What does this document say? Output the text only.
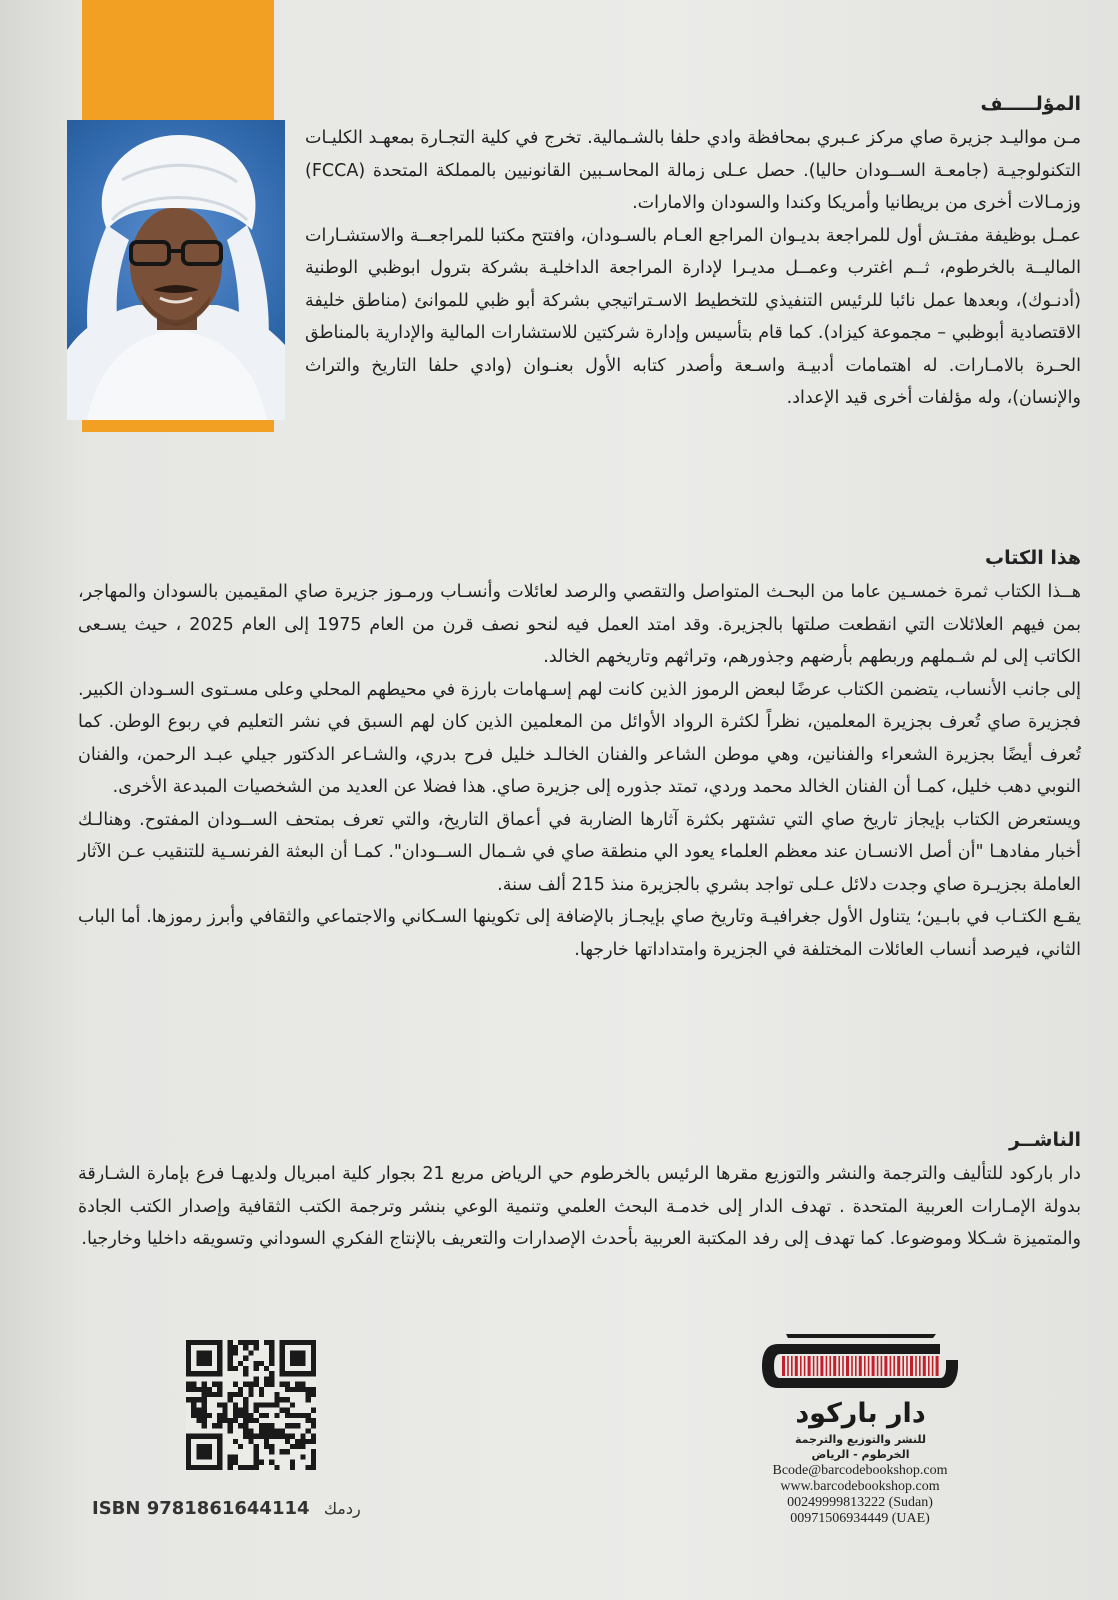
المؤلـــــف

مـن مواليـد جزيرة صاي مركز عـبري بمحافظة وادي حلفا بالشـمالية. تخرج في كلية التجـارة بمعهـد الكليـات التكنولوجيـة (جامعـة الســودان حاليا). حصل عـلى زمالة المحاسـبين القانونيين بالمملكة المتحدة (FCCA) وزمـالات أخرى من بريطانيا وأمريكا وكندا والسودان والامارات.

عمـل بوظيفة مفتـش أول للمراجعة بديـوان المراجع العـام بالسـودان، وافتتح مكتبا للمراجعــة والاستشـارات الماليــة بالخرطوم، ثــم اغترب وعمــل مديـرا لإدارة المراجعة الداخليـة بشركة بترول ابوظبي الوطنية (أدنـوك)، وبعدها عمل نائبا للرئيس التنفيذي للتخطيط الاسـتراتيجي بشركة أبو ظبي للموانئ (مناطق خليفة الاقتصادية أبوظبي – مجموعة كيزاد). كما قام بتأسيس وإدارة شركتين للاستشارات المالية والإدارية بالمناطق الحـرة بالامـارات. له اهتمامات أدبيـة واسـعة وأصدر كتابه الأول بعنـوان (وادي حلفا التاريخ والتراث والإنسان)، وله مؤلفات أخرى قيد الإعداد.

هذا الكتاب

هــذا الكتاب ثمرة خمسـين عاما من البحـث المتواصل والتقصي والرصد لعائلات وأنسـاب ورمـوز جزيرة صاي المقيمين بالسودان والمهاجر، بمن فيهم العلائلات التي انقطعت صلتها بالجزيرة. وقد امتد العمل فيه لنحو نصف قرن من العام 1975 إلى العام 2025 ، حيث يسـعى الكاتب إلى لم شـملهم وربطهم بأرضهم وجذورهم، وتراثهم وتاريخهم الخالد.

إلى جانب الأنساب، يتضمن الكتاب عرضًا لبعض الرموز الذين كانت لهم إسـهامات بارزة في محيطهم المحلي وعلى مسـتوى السـودان الكبير. فجزيرة صاي تُعرف بجزيرة المعلمين، نظراً لكثرة الرواد الأوائل من المعلمين الذين كان لهم السبق في نشر التعليم في ربوع الوطن. كما تُعرف أيضًا بجزيرة الشعراء والفنانين، وهي موطن الشاعر والفنان الخالـد خليل فرح بدري، والشـاعر الدكتور جيلي عبـد الرحمن، والفنان النوبي دهب خليل، كمـا أن الفنان الخالد محمد وردي، تمتد جذوره إلى جزيرة صاي. هذا فضلا عن العديد من الشخصيات المبدعة الأخرى.

ويستعرض الكتاب بإيجاز تاريخ صاي التي تشتهر بكثرة آثارها الضاربة في أعماق التاريخ، والتي تعرف بمتحف الســودان المفتوح. وهنالـك أخبار مفادهـا "أن أصل الانسـان عند معظم العلماء يعود الي منطقة صاي في شـمال الســودان". كمـا أن البعثة الفرنسـية للتنقيب عـن الآثار العاملة بجزيـرة صاي وجدت دلائل عـلى تواجد بشري بالجزيرة منذ 215 ألف سنة.

يقـع الكتـاب في بابـين؛ يتناول الأول جغرافيـة وتاريخ صاي بإيجـاز بالإضافة إلى تكوينها السـكاني والاجتماعي والثقافي وأبرز رموزها. أما الباب الثاني، فيرصد أنساب العائلات المختلفة في الجزيرة وامتداداتها خارجها.

الناشــر

دار باركود للتأليف والترجمة والنشر والتوزيع مقرها الرئيس بالخرطوم حي الرياض مربع 21 بجوار كلية امبريال ولديهـا فرع بإمارة الشـارقة بدولة الإمـارات العربية المتحدة . تهدف الدار إلى خدمـة البحث العلمي وتنمية الوعي بنشر وترجمة الكتب الثقافية وإصدار الكتب الجادة والمتميزة شـكلا وموضوعا. كما تهدف إلى رفد المكتبة العربية بأحدث الإصدارات والتعريف بالإنتاج الفكري السوداني وتسويقه داخليا وخارجيا.

دار باركود
للنشر والتوزيع والترجمة
الخرطوم - الرياض
Bcode@barcodebookshop.com
www.barcodebookshop.com
00249999813222 (Sudan)
00971506934449 (UAE)
ISBN 9781861644114 ردمك
